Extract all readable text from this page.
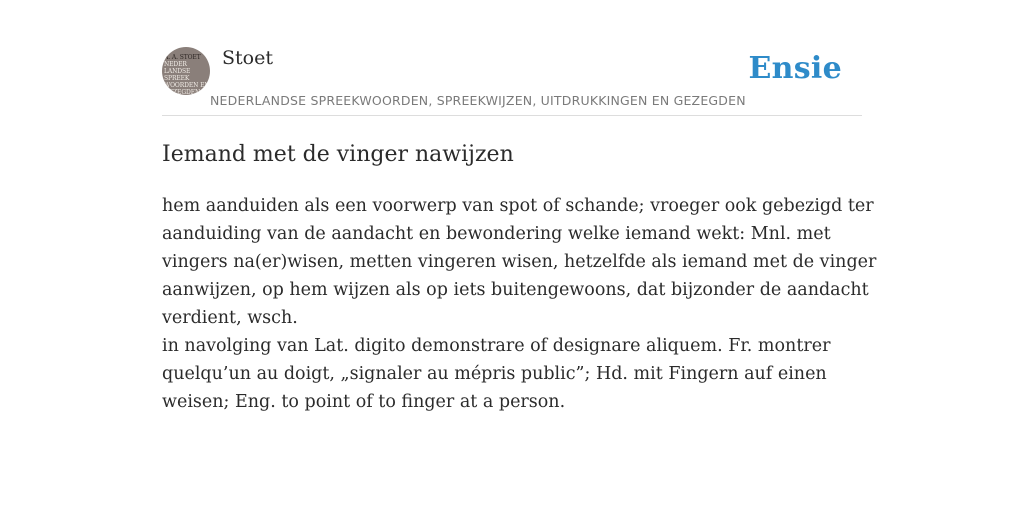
A. A. STOET
NEDER
LANDSE
SPREEK
WOORDEN EN
GEZEGDEN
Stoet
NEDERLANDSE SPREEKWOORDEN, SPREEKWIJZEN, UITDRUKKINGEN EN GEZEGDEN
Ensie
Iemand met de vinger nawijzen
hem aanduiden als een voorwerp van spot of schande; vroeger ook gebezigd ter
aanduiding van de aandacht en bewondering welke iemand wekt: Mnl. met
vingers na(er)wisen, metten vingeren wisen, hetzelfde als iemand met de vinger
aanwijzen, op hem wijzen als op iets buitengewoons, dat bijzonder de aandacht
verdient, wsch.
in navolging van Lat. digito demonstrare of designare aliquem. Fr. montrer
quelqu’un au doigt, „signaler au mépris public”; Hd. mit Fingern auf einen
weisen; Eng. to point of to finger at a person.
